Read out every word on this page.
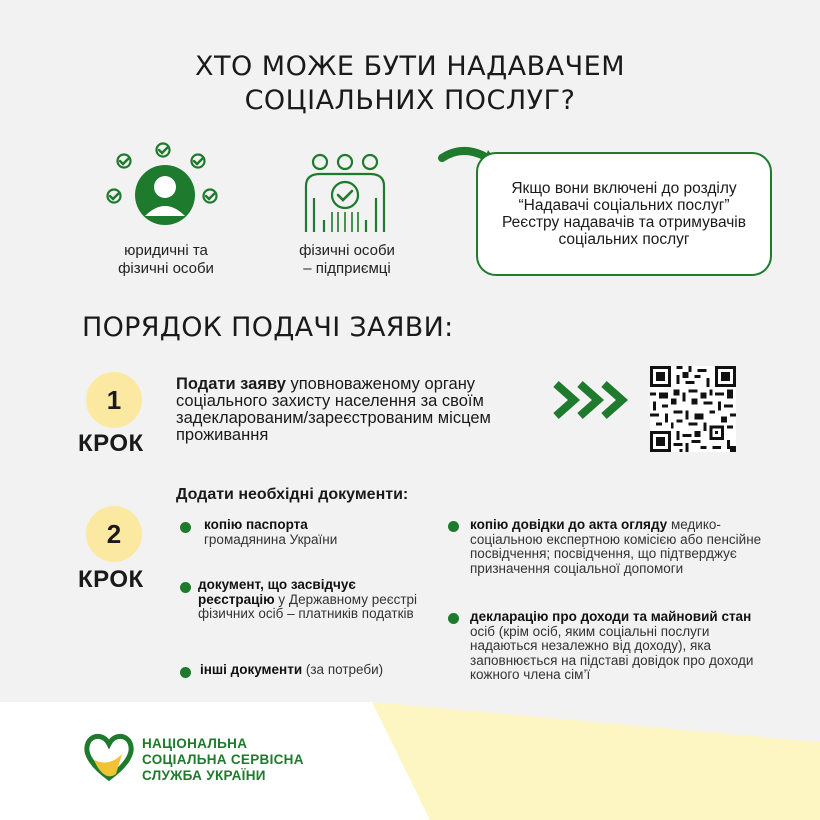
ХТО МОЖЕ БУТИ НАДАВАЧЕМ
СОЦІАЛЬНИХ ПОСЛУГ?
юридичні та
фізичні особи
фізичні особи
– підприємці
Якщо вони включені до розділу “Надавачі соціальних послуг” Реєстру надавачів та отримувачів соціальних послуг
ПОРЯДОК ПОДАЧІ ЗАЯВИ:
1
КРОК
Подати заяву уповноваженому органу соціального захисту населення за своїм задекларованим/зареєстрованим місцем проживання
2
КРОК
Додати необхідні документи:
копію паспорта
громадянина України
документ, що засвідчує реєстрацію у Державному реєстрі фізичних осіб – платників податків
інші документи (за потреби)
копію довідки до акта огляду медико-соціальною експертною комісією або пенсійне посвідчення; посвідчення, що підтверджує призначення соціальної допомоги
декларацію про доходи та майновий стан осіб (крім осіб, яким соціальні послуги надаються незалежно від доходу), яка заповнюється на підставі довідок про доходи кожного члена сім’ї
НАЦІОНАЛЬНА
СОЦІАЛЬНА СЕРВІСНА
СЛУЖБА УКРАЇНИ
